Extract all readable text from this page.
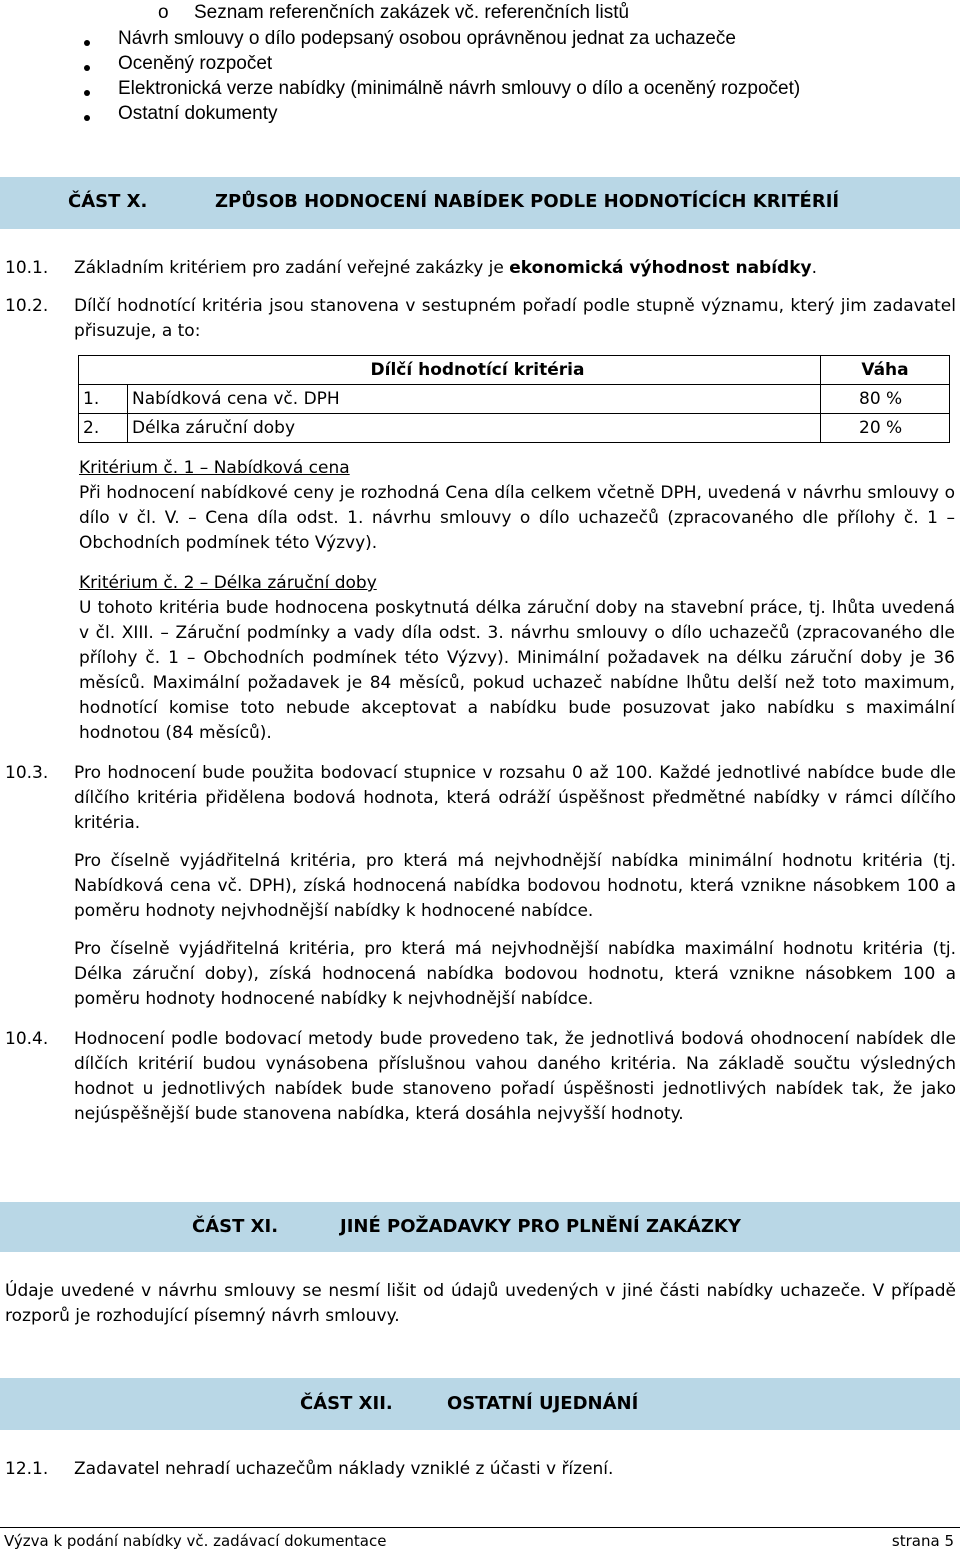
o Seznam referenčních zakázek vč. referenčních listů
Návrh smlouvy o dílo podepsaný osobou oprávněnou jednat za uchazeče
Oceněný rozpočet
Elektronická verze nabídky (minimálně návrh smlouvy o dílo a oceněný rozpočet)
Ostatní dokumenty
ČÁST X.	ZPŮSOB HODNOCENÍ NABÍDEK PODLE HODNOTÍCÍCH KRITÉRIÍ
10.1. Základním kritériem pro zadání veřejné zakázky je ekonomická výhodnost nabídky.
10.2. Dílčí hodnotící kritéria jsou stanovena v sestupném pořadí podle stupně významu, který jim zadavatel přisuzuje, a to:
Dílčí hodnotící kritéria		Váha
1.	Nabídková cena vč. DPH	80 %
2.	Délka záruční doby	20 %
Kritérium č. 1 – Nabídková cena
Při hodnocení nabídkové ceny je rozhodná Cena díla celkem včetně DPH, uvedená v návrhu smlouvy o dílo v čl. V. – Cena díla odst. 1. návrhu smlouvy o dílo uchazečů (zpracovaného dle přílohy č. 1 – Obchodních podmínek této Výzvy).
Kritérium č. 2 – Délka záruční doby
U tohoto kritéria bude hodnocena poskytnutá délka záruční doby na stavební práce, tj. lhůta uvedená v čl. XIII. – Záruční podmínky a vady díla odst. 3. návrhu smlouvy o dílo uchazečů (zpracovaného dle přílohy č. 1 – Obchodních podmínek této Výzvy). Minimální požadavek na délku záruční doby je 36 měsíců. Maximální požadavek je 84 měsíců, pokud uchazeč nabídne lhůtu delší než toto maximum, hodnotící komise toto nebude akceptovat a nabídku bude posuzovat jako nabídku s maximální hodnotou (84 měsíců).
10.3. Pro hodnocení bude použita bodovací stupnice v rozsahu 0 až 100. Každé jednotlivé nabídce bude dle dílčího kritéria přidělena bodová hodnota, která odráží úspěšnost předmětné nabídky v rámci dílčího kritéria.
Pro číselně vyjádřitelná kritéria, pro která má nejvhodnější nabídka minimální hodnotu kritéria (tj. Nabídková cena vč. DPH), získá hodnocená nabídka bodovou hodnotu, která vznikne násobkem 100 a poměru hodnoty nejvhodnější nabídky k hodnocené nabídce.
Pro číselně vyjádřitelná kritéria, pro která má nejvhodnější nabídka maximální hodnotu kritéria (tj. Délka záruční doby), získá hodnocená nabídka bodovou hodnotu, která vznikne násobkem 100 a poměru hodnoty hodnocené nabídky k nejvhodnější nabídce.
10.4. Hodnocení podle bodovací metody bude provedeno tak, že jednotlivá bodová ohodnocení nabídek dle dílčích kritérií budou vynásobena příslušnou vahou daného kritéria. Na základě součtu výsledných hodnot u jednotlivých nabídek bude stanoveno pořadí úspěšnosti jednotlivých nabídek tak, že jako nejúspěšnější bude stanovena nabídka, která dosáhla nejvyšší hodnoty.
ČÁST XI.	JINÉ POŽADAVKY PRO PLNĚNÍ ZAKÁZKY
Údaje uvedené v návrhu smlouvy se nesmí lišit od údajů uvedených v jiné části nabídky uchazeče. V případě rozporů je rozhodující písemný návrh smlouvy.
ČÁST XII.	OSTATNÍ UJEDNÁNÍ
12.1. Zadavatel nehradí uchazečům náklady vzniklé z účasti v řízení.
Výzva k podání nabídky vč. zadávací dokumentace	strana 5
